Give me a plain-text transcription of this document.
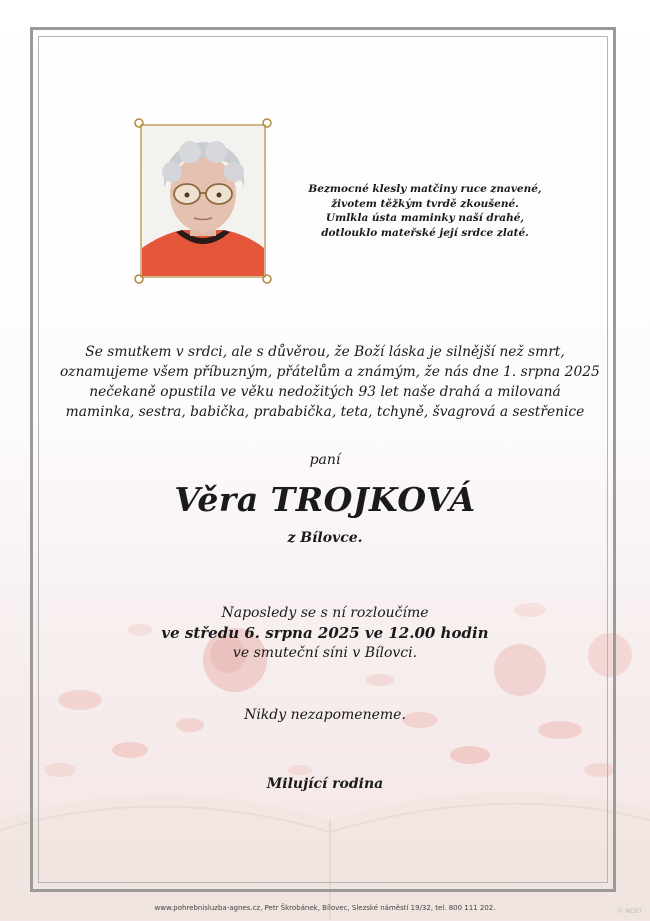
Bezmocné klesly matčiny ruce znavené,
životem těžkým tvrdě zkoušené.
Umlkla ústa maminky naší drahé,
dotlouklo mateřské její srdce zlaté.
Se smutkem v srdci, ale s důvěrou, že Boží láska je silnější než smrt,
oznamujeme všem příbuzným, přátelům a známým, že nás dne 1. srpna 2025
nečekaně opustila ve věku nedožitých 93 let naše drahá a milovaná
maminka, sestra, babička, prababička, teta, tchyně, švagrová a sestřenice
paní
Věra TROJKOVÁ
z Bílovce.
Naposledy se s ní rozloučíme
ve středu 6. srpna 2025 ve 12.00 hodin
ve smuteční síni v Bílovci.
Nikdy nezapomeneme.
Milující rodina
www.pohrebnisluzba-agnes.cz, Petr Škrobánek, Bílovec, Slezské náměstí 19/32, tel. 800 111 202.	© NCBT
